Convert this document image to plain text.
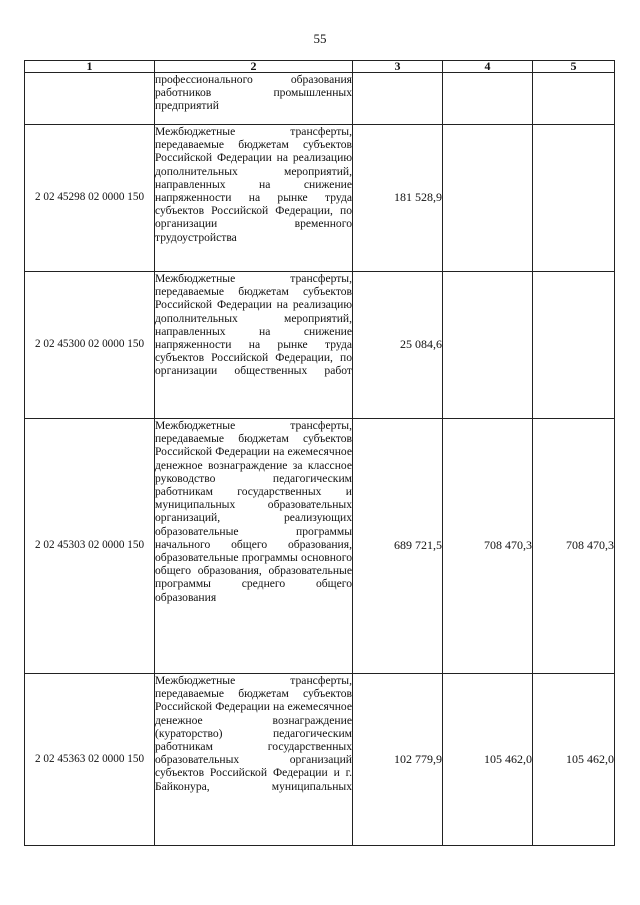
55
1	2	3	4	5
	профессионального образования работников промышленных предприятий			
2 02 45298 02 0000 150	Межбюджетные трансферты, передаваемые бюджетам субъектов Российской Федерации на реализацию дополнительных мероприятий, направленных на снижение напряженности на рынке труда субъектов Российской Федерации, по организации временного трудоустройства	181 528,9		
2 02 45300 02 0000 150	Межбюджетные трансферты, передаваемые бюджетам субъектов Российской Федерации на реализацию дополнительных мероприятий, направленных на снижение напряженности на рынке труда субъектов Российской Федерации, по организации общественных работ	25 084,6		
2 02 45303 02 0000 150	Межбюджетные трансферты, передаваемые бюджетам субъектов Российской Федерации на ежемесячное денежное вознаграждение за классное руководство педагогическим работникам государственных и муниципальных образовательных организаций, реализующих образовательные программы начального общего образования, образовательные программы основного общего образования, образовательные программы среднего общего образования	689 721,5	708 470,3	708 470,3
2 02 45363 02 0000 150	Межбюджетные трансферты, передаваемые бюджетам субъектов Российской Федерации на ежемесячное денежное вознаграждение (кураторство) педагогическим работникам государственных образовательных организаций субъектов Российской Федерации и г. Байконура, муниципальных	102 779,9	105 462,0	105 462,0
